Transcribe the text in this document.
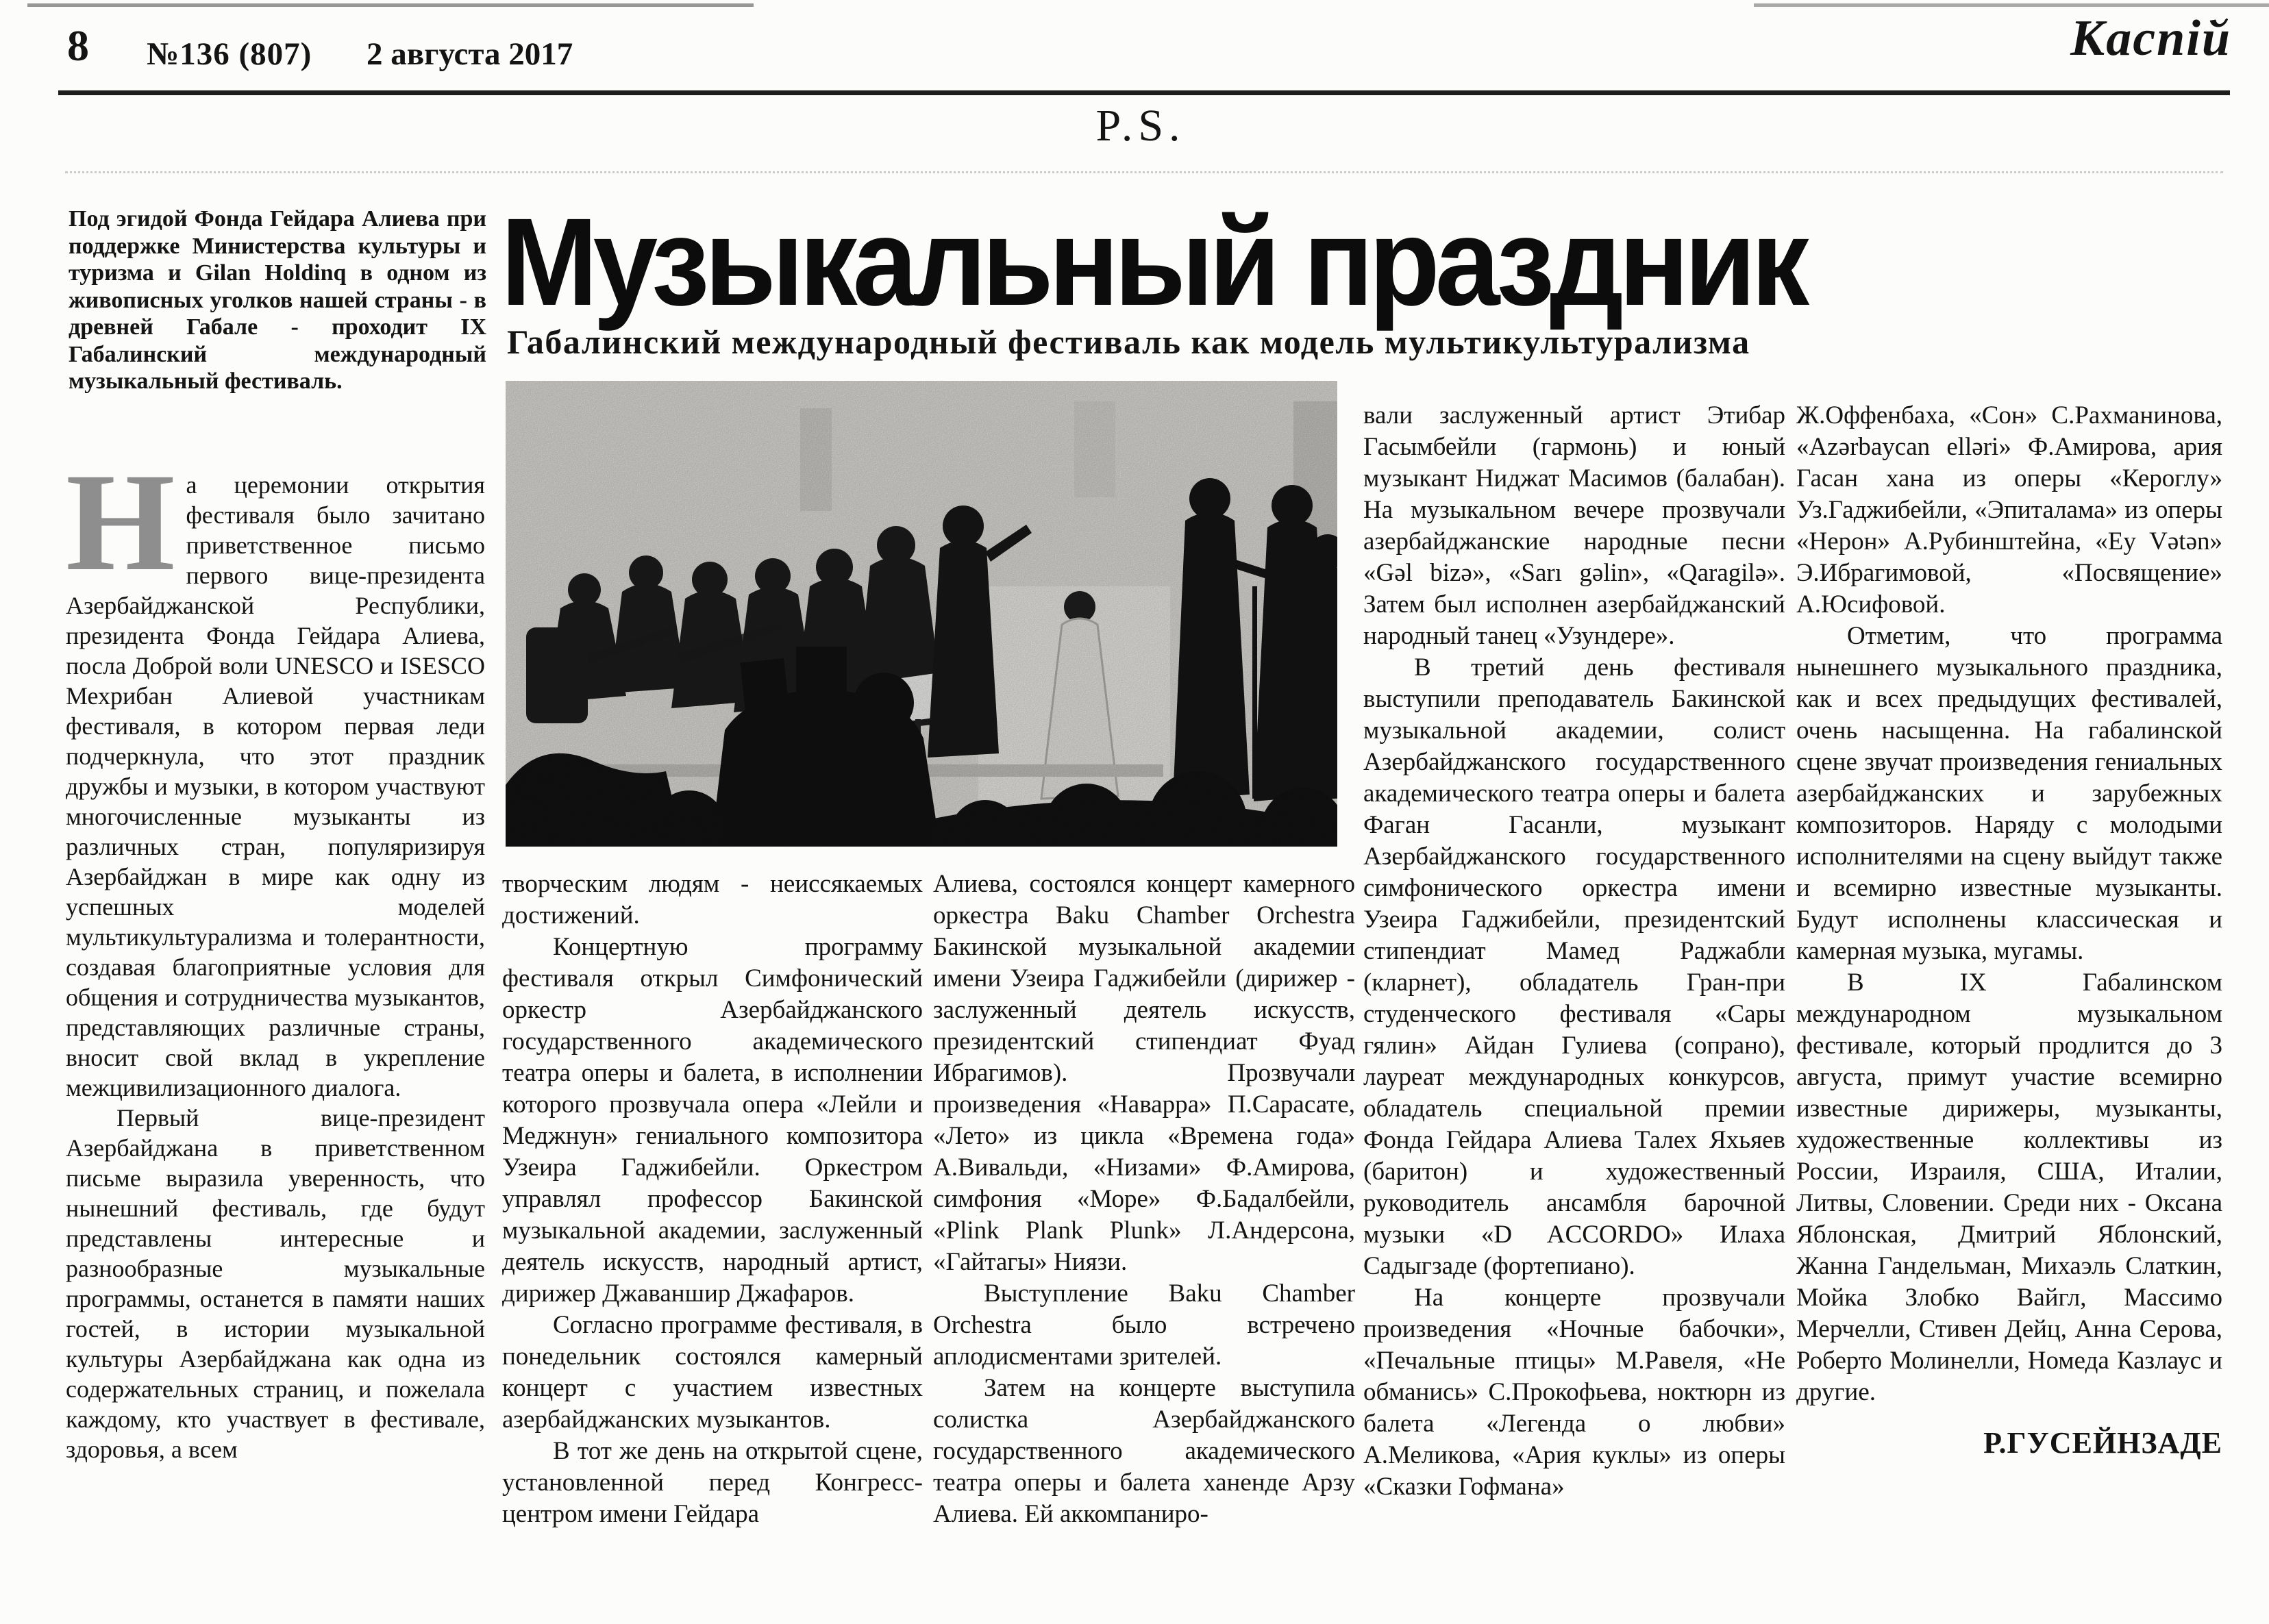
8 №136 (807) 2 августа 2017	Каспій
P.S.
Музыкальный праздник
Габалинский международный фестиваль как модель мультикультурализма
Под эгидой Фонда Гейдара Алиева при поддержке Министерства культуры и туризма и Gilan Holdinq в одном из живописных уголков нашей страны - в древней Габале - проходит IX Габалинский международный музыкальный фестиваль.

На церемонии открытия фестиваля было зачитано приветственное письмо первого вице-президента Азербайджанской Республики, президента Фонда Гейдара Алиева, посла Доброй воли UNESCO и ISESCO Мехрибан Алиевой участникам фестиваля, в котором первая леди подчеркнула, что этот праздник дружбы и музыки, в котором участвуют многочисленные музыканты из различных стран, популяризируя Азербайджан в мире как одну из успешных моделей мультикультурализма и толерантности, создавая благоприятные условия для общения и сотрудничества музыкантов, представляющих различные страны, вносит свой вклад в укрепление межцивилизационного диалога.

Первый вице-президент Азербайджана в приветственном письме выразила уверенность, что нынешний фестиваль, где будут представлены интересные и разнообразные музыкальные программы, останется в памяти наших гостей, в истории музыкальной культуры Азербайджана как одна из содержательных страниц, и пожелала каждому, кто участвует в фестивале, здоровья, а всем

творческим людям - неиссякаемых достижений.

Концертную программу фестиваля открыл Симфонический оркестр Азербайджанского государственного академического театра оперы и балета, в исполнении которого прозвучала опера «Лейли и Меджнун» гениального композитора Узеира Гаджибейли. Оркестром управлял профессор Бакинской музыкальной академии, заслуженный деятель искусств, народный артист, дирижер Джаваншир Джафаров.

Согласно программе фестиваля, в понедельник состоялся камерный концерт с участием известных азербайджанских музыкантов.

В тот же день на открытой сцене, установленной перед Конгресс-центром имени Гейдара

Алиева, состоялся концерт камерного оркестра Baku Chamber Orchestra Бакинской музыкальной академии имени Узеира Гаджибейли (дирижер - заслуженный деятель искусств, президентский стипендиат Фуад Ибрагимов). Прозвучали произведения «Наварра» П.Сарасате, «Лето» из цикла «Времена года» А.Вивальди, «Низами» Ф.Амирова, симфония «Море» Ф.Бадалбейли, «Plink Plank Plunk» Л.Андерсона, «Гайтагы» Ниязи.

Выступление Baku Chamber Orchestra было встречено аплодисментами зрителей.

Затем на концерте выступила солистка Азербайджанского государственного академического театра оперы и балета ханенде Арзу Алиева. Ей аккомпаниро-

вали заслуженный артист Этибар Гасымбейли (гармонь) и юный музыкант Ниджат Масимов (балабан). На музыкальном вечере прозвучали азербайджанские народные песни «Gəl bizə», «Sarı gəlin», «Qaragilə». Затем был исполнен азербайджанский народный танец «Узундере».

В третий день фестиваля выступили преподаватель Бакинской музыкальной академии, солист Азербайджанского государственного академического театра оперы и балета Фаган Гасанли, музыкант Азербайджанского государственного симфонического оркестра имени Узеира Гаджибейли, президентский стипендиат Мамед Раджабли (кларнет), обладатель Гран-при студенческого фестиваля «Сары гялин» Айдан Гулиева (сопрано), лауреат международных конкурсов, обладатель специальной премии Фонда Гейдара Алиева Талех Яхьяев (баритон) и художественный руководитель ансамбля барочной музыки «D ACCORDO» Илаха Садыгзаде (фортепиано).

На концерте прозвучали произведения «Ночные бабочки», «Печальные птицы» М.Равеля, «Не обманись» С.Прокофьева, ноктюрн из балета «Легенда о любви» А.Меликова, «Ария куклы» из оперы «Сказки Гофмана»

Ж.Оффенбаха, «Сон» С.Рахманинова, «Azərbaycan elləri» Ф.Амирова, ария Гасан хана из оперы «Кероглу» Уз.Гаджибейли, «Эпиталама» из оперы «Нерон» А.Рубинштейна, «Ey Vətən» Э.Ибрагимовой, «Посвящение» А.Юсифовой.

Отметим, что программа нынешнего музыкального праздника, как и всех предыдущих фестивалей, очень насыщенна. На габалинской сцене звучат произведения гениальных азербайджанских и зарубежных композиторов. Наряду с молодыми исполнителями на сцену выйдут также и всемирно известные музыканты. Будут исполнены классическая и камерная музыка, мугамы.

В IX Габалинском международном музыкальном фестивале, который продлится до 3 августа, примут участие всемирно известные дирижеры, музыканты, художественные коллективы из России, Израиля, США, Италии, Литвы, Словении. Среди них - Оксана Яблонская, Дмитрий Яблонский, Жанна Гандельман, Михаэль Слаткин, Мойка Злобко Вайгл, Массимо Мерчелли, Стивен Дейц, Анна Серова, Роберто Молинелли, Номеда Казлаус и другие.

Р.ГУСЕЙНЗАДЕ
